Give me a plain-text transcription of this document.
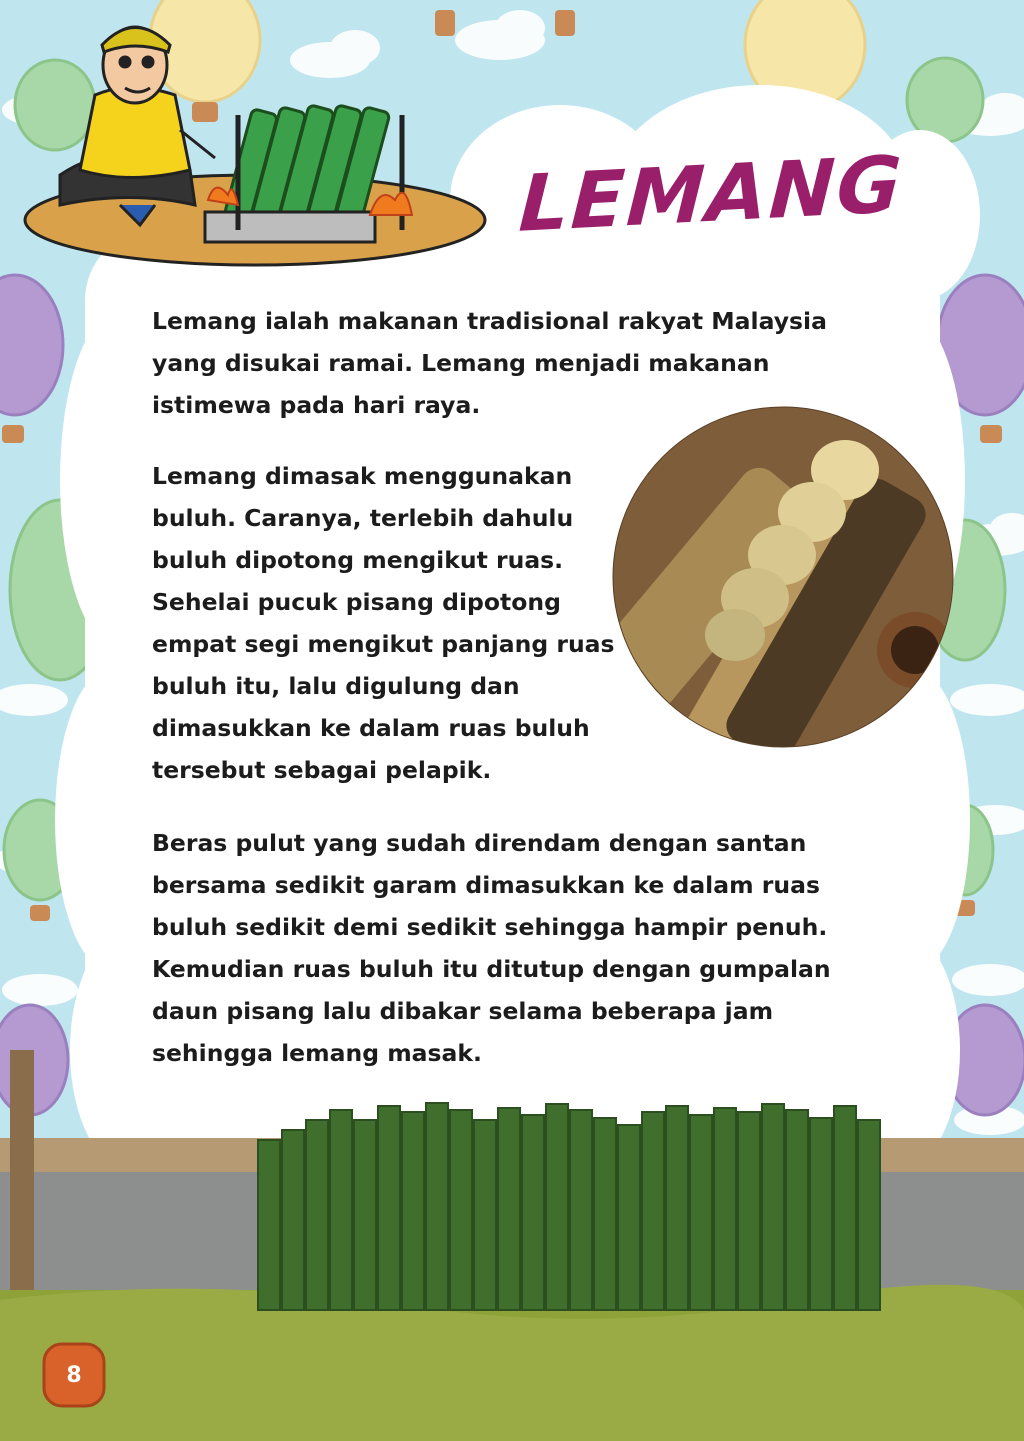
LEMANG

Lemang ialah makanan tradisional rakyat Malaysia yang disukai ramai. Lemang menjadi makanan istimewa pada hari raya.

Lemang dimasak menggunakan buluh. Caranya, terlebih dahulu buluh dipotong mengikut ruas. Sehelai pucuk pisang dipotong empat segi mengikut panjang ruas buluh itu, lalu digulung dan dimasukkan ke dalam ruas buluh tersebut sebagai pelapik.

Beras pulut yang sudah direndam dengan santan bersama sedikit garam dimasukkan ke dalam ruas buluh sedikit demi sedikit sehingga hampir penuh. Kemudian ruas buluh itu ditutup dengan gumpalan daun pisang lalu dibakar selama beberapa jam sehingga lemang masak.

8
